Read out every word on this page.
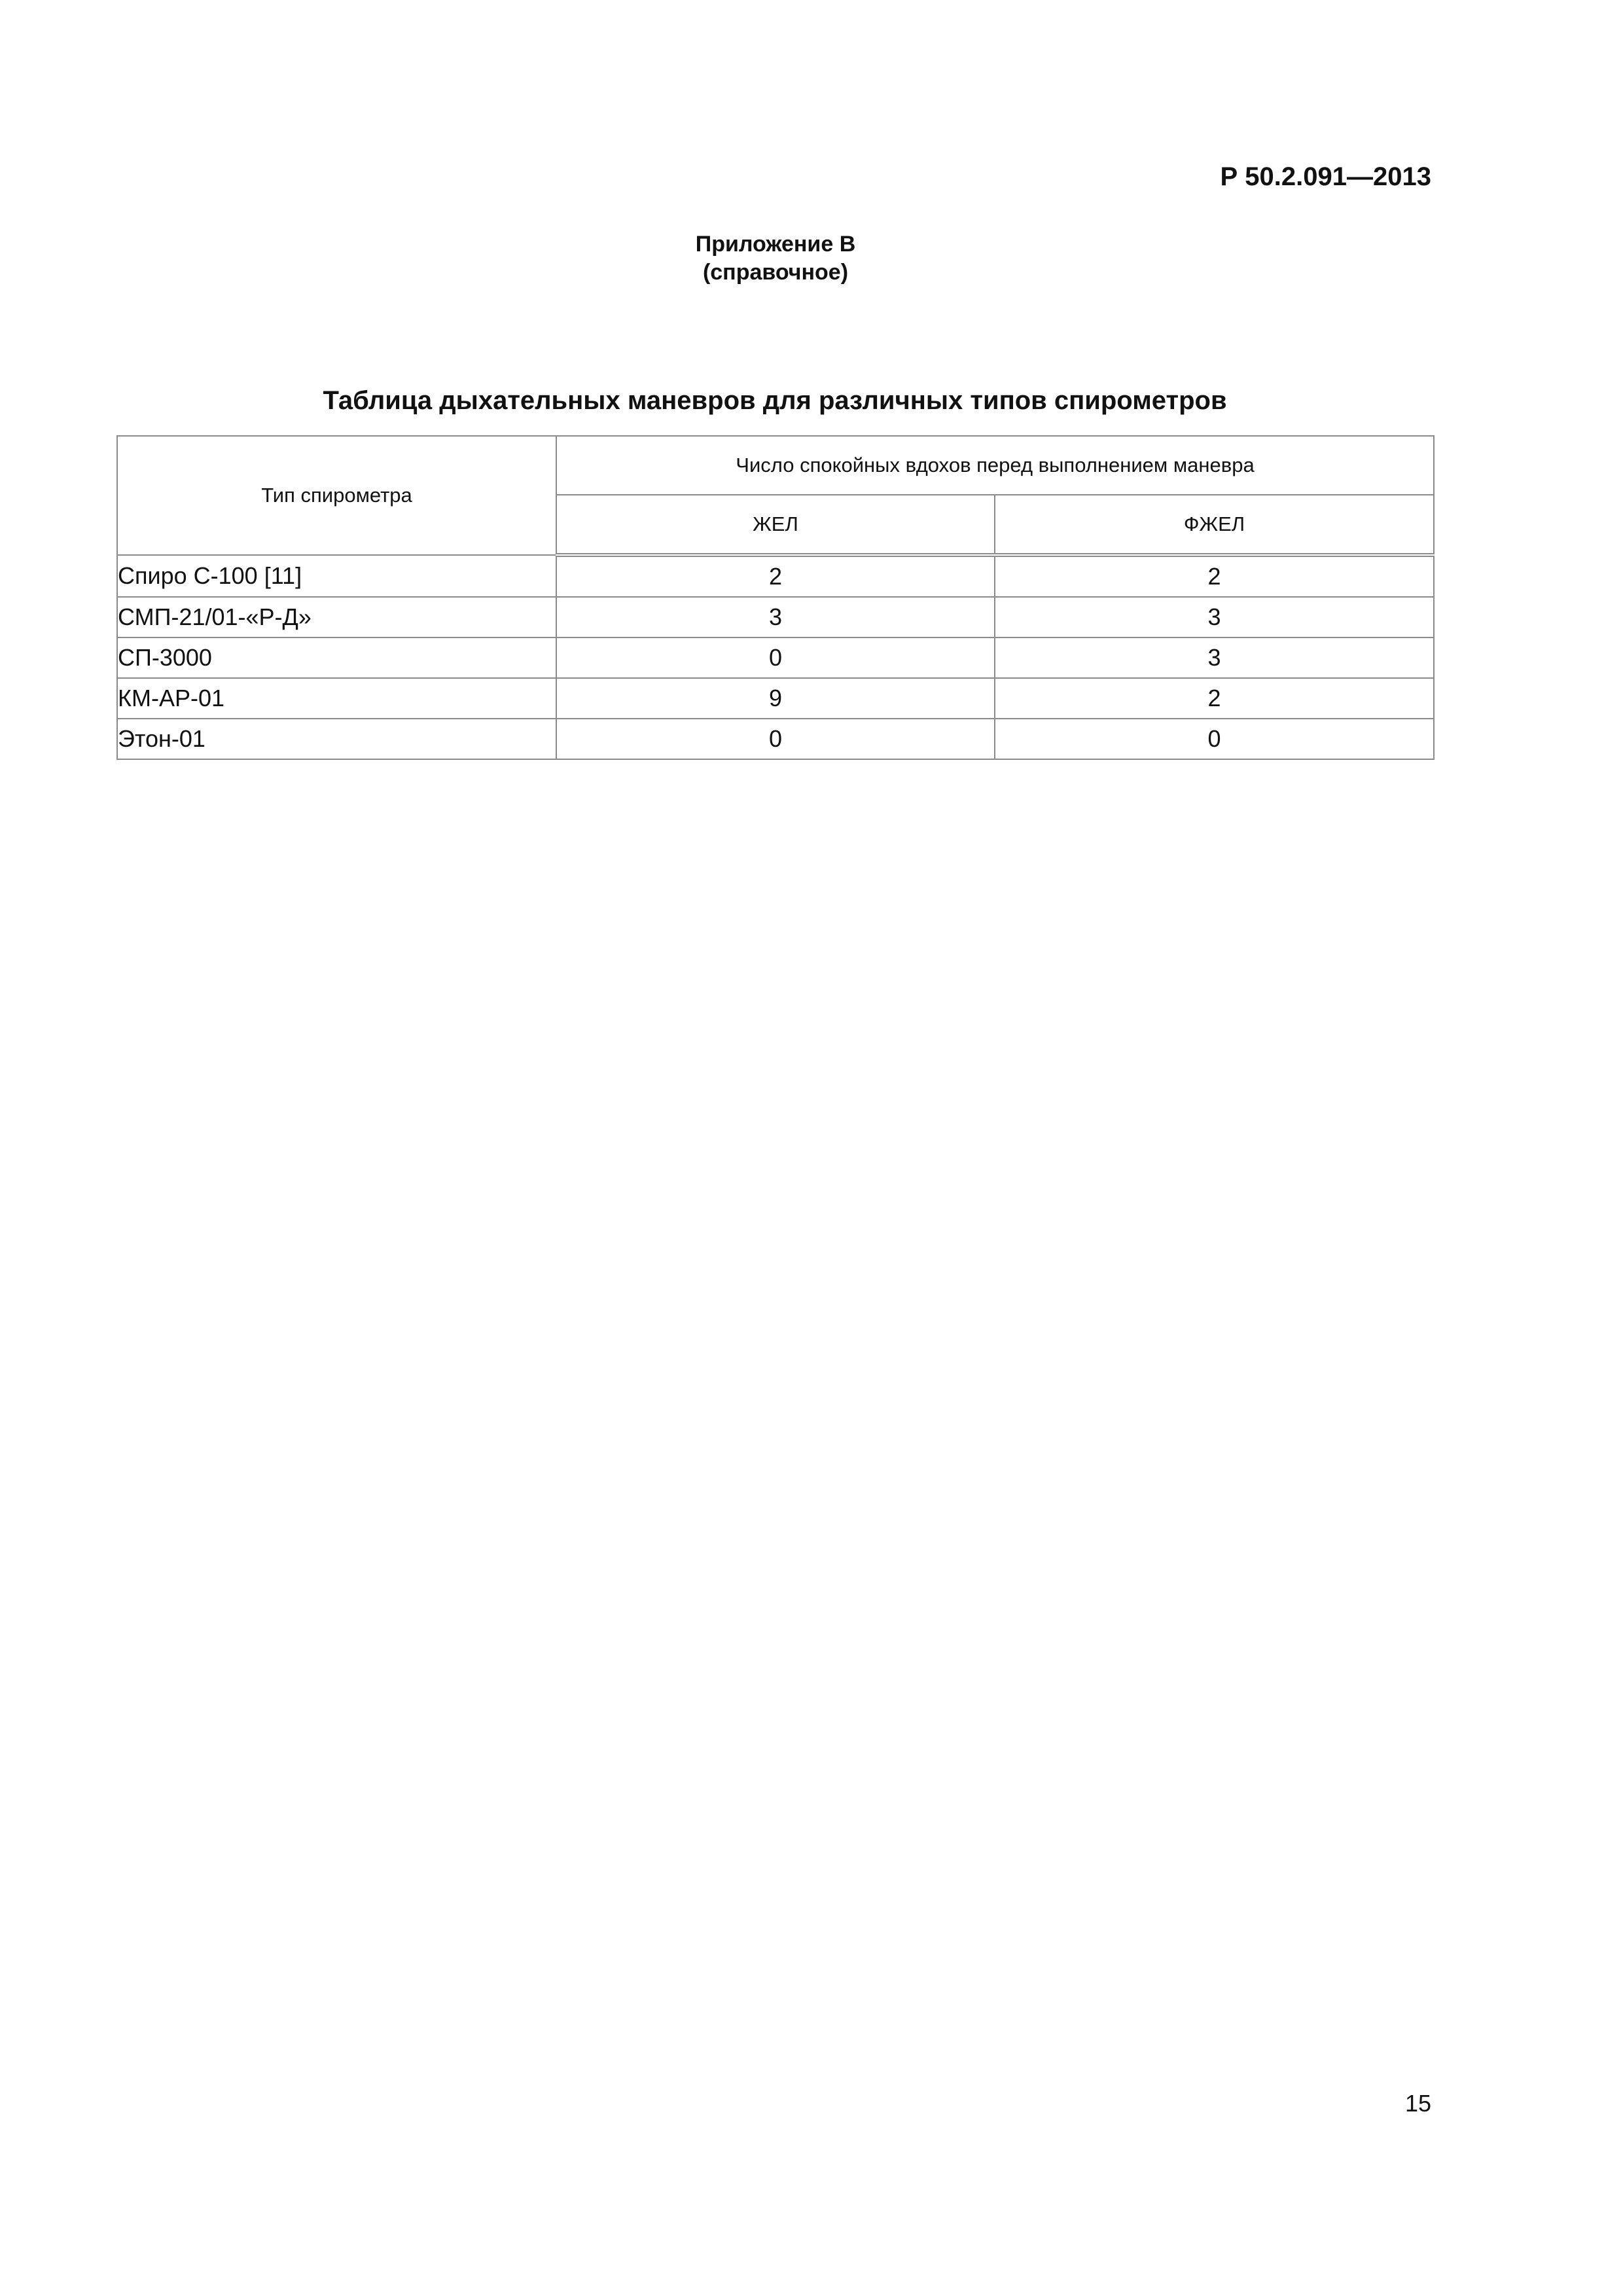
Р 50.2.091—2013
Приложение В
(справочное)
Таблица дыхательных маневров для различных типов спирометров
Тип спирометра	Число спокойных вдохов перед выполнением маневра	
	ЖЕЛ	ФЖЕЛ
Спиро С-100 [11]	2	2
СМП-21/01-«Р-Д»	3	3
СП-3000	0	3
КМ-АР-01	9	2
Этон-01	0	0
15
